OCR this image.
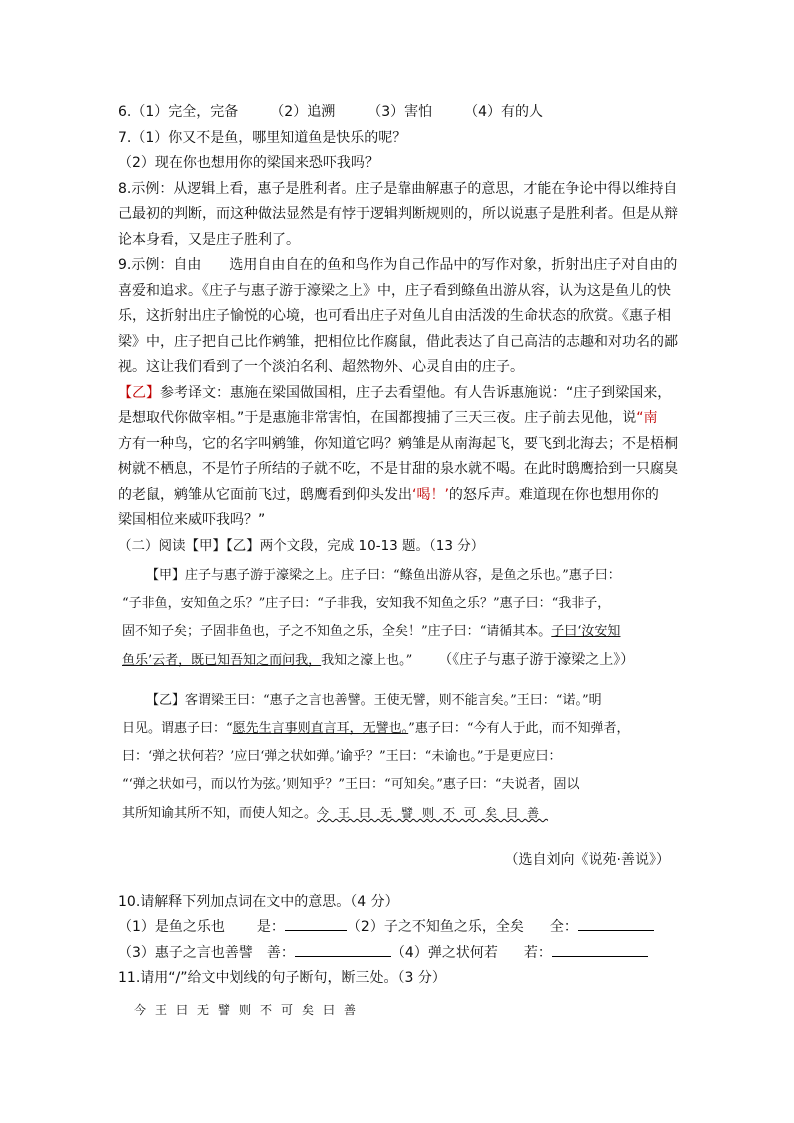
6.（1）完全，完备 （2）追溯 （3）害怕 （4）有的人
7.（1）你又不是鱼，哪里知道鱼是快乐的呢？
（2）现在你也想用你的梁国来恐吓我吗？
8.示例：从逻辑上看，惠子是胜利者。庄子是靠曲解惠子的意思，才能在争论中得以维持自
己最初的判断，而这种做法显然是有悖于逻辑判断规则的，所以说惠子是胜利者。但是从辩
论本身看，又是庄子胜利了。
9.示例：自由　　选用自由自在的鱼和鸟作为自己作品中的写作对象，折射出庄子对自由的
喜爱和追求。《庄子与惠子游于濠梁之上》中，庄子看到鲦鱼出游从容，认为这是鱼儿的快
乐，这折射出庄子愉悦的心境，也可看出庄子对鱼儿自由活泼的生命状态的欣赏。《惠子相
梁》中，庄子把自己比作鹓雏，把相位比作腐鼠，借此表达了自己高洁的志趣和对功名的鄙
视。这让我们看到了一个淡泊名利、超然物外、心灵自由的庄子。
【乙】参考译文：惠施在梁国做国相，庄子去看望他。有人告诉惠施说：“庄子到梁国来，
是想取代你做宰相。”于是惠施非常害怕，在国都搜捕了三天三夜。庄子前去见他，说“南
方有一种鸟，它的名字叫鹓雏，你知道它吗？鹓雏是从南海起飞，要飞到北海去；不是梧桐
树就不栖息，不是竹子所结的子就不吃，不是甘甜的泉水就不喝。在此时鸱鹰拾到一只腐臭
的老鼠，鹓雏从它面前飞过，鸱鹰看到仰头发出‘喝！’的怒斥声。难道现在你也想用你的
梁国相位来威吓我吗？”
（二）阅读【甲】【乙】两个文段，完成 10-13 题。（13 分）
【甲】庄子与惠子游于濠梁之上。庄子曰：“鲦鱼出游从容，是鱼之乐也。”惠子曰：
“子非鱼，安知鱼之乐？”庄子曰：“子非我，安知我不知鱼之乐？”惠子曰：“我非子，
固不知子矣；子固非鱼也，子之不知鱼之乐，全矣！”庄子曰：“请循其本。子曰‘汝安知
鱼乐’云者，既已知吾知之而问我，我知之濠上也。” （《庄子与惠子游于濠梁之上》）
【乙】客谓梁王曰：“惠子之言也善譬。王使无譬，则不能言矣。”王曰：“诺。”明
日见。谓惠子曰：“愿先生言事则直言耳，无譬也。”惠子曰：“今有人于此，而不知弹者，
曰：‘弹之状何若？’应曰‘弹之状如弹。’谕乎？”王曰：“未谕也。”于是更应曰：
“‘弹之状如弓，而以竹为弦。’则知乎？”王曰：“可知矣。”惠子曰：“夫说者，固以
其所知谕其所不知，而使人知之。今王曰无譬则不可矣曰善
（选自刘向《说苑·善说》）
10.请解释下列加点词在文中的意思。（4 分）
（1）是鱼之乐也 是：	（2）子之不知鱼之乐，全矣 全：
（3）惠子之言也善譬 善：	（4）弹之状何若 若：
11.请用“/”给文中划线的句子断句，断三处。（3 分）
今王曰无譬则不可矣曰善
